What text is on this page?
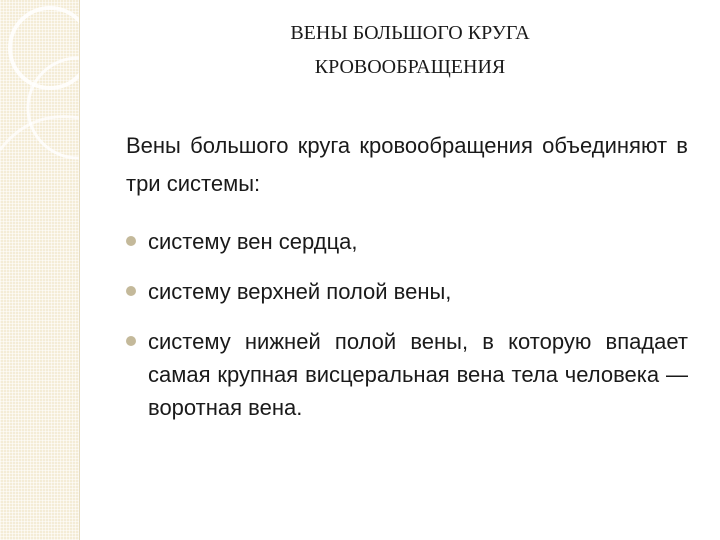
ВЕНЫ БОЛЬШОГО КРУГА
КРОВООБРАЩЕНИЯ

Вены большого круга кровообращения объединяют в три системы:

систему вен сердца,
систему верхней полой вены,
систему нижней полой вены, в которую впадает самая крупная висцеральная вена тела человека — воротная вена.
